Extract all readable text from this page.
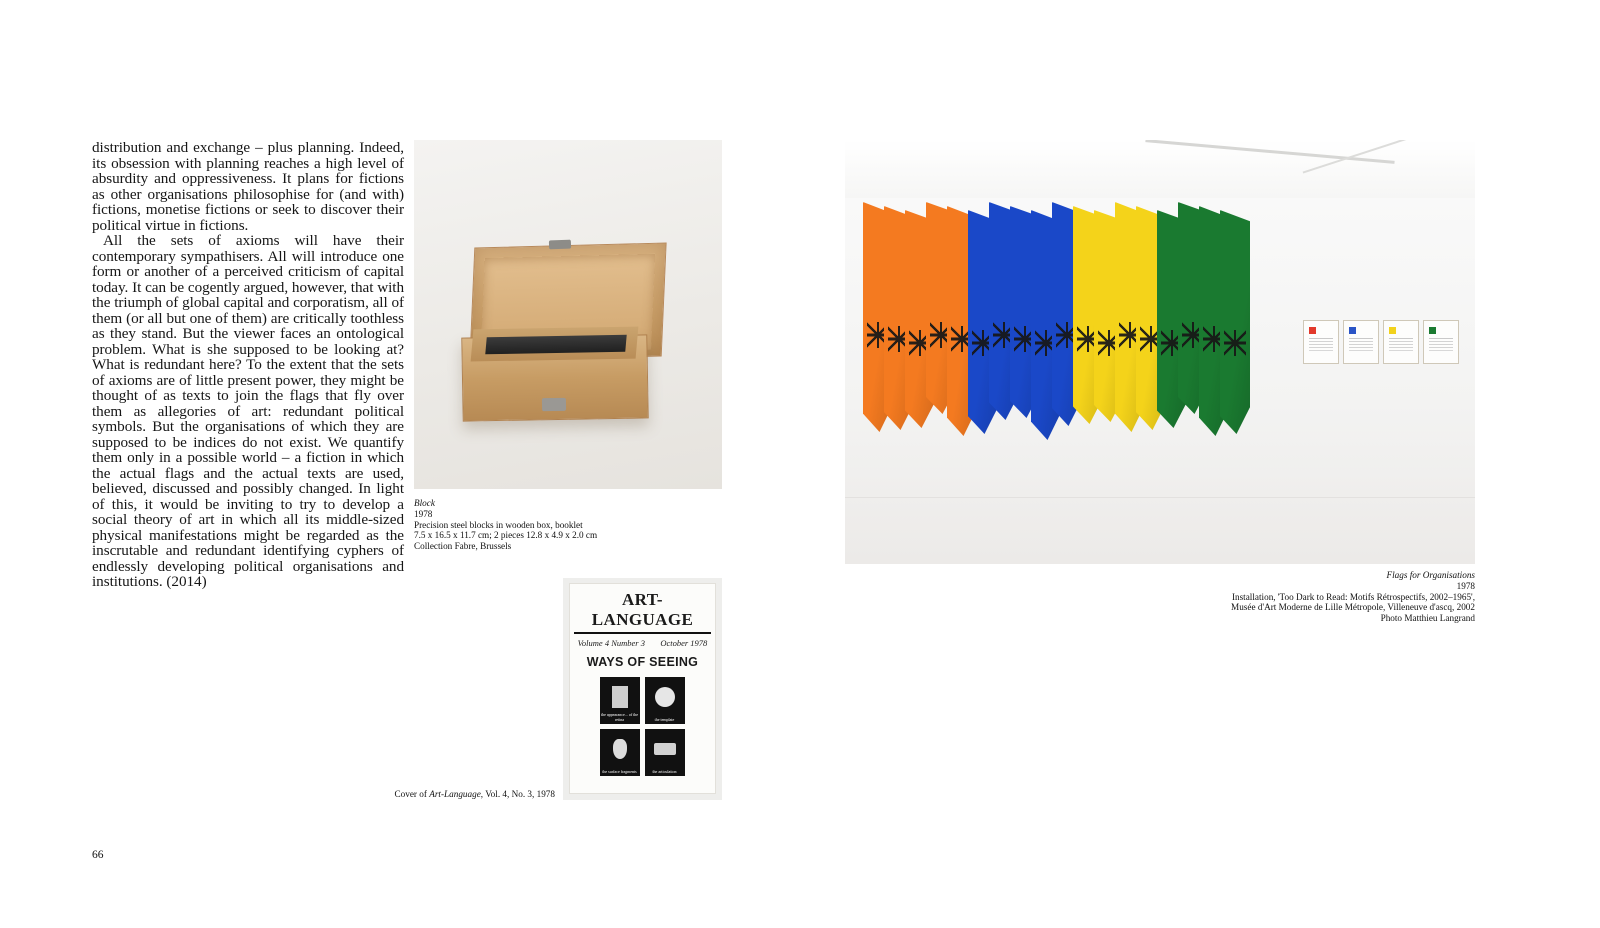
distribution and exchange – plus planning. Indeed, its obsession with planning reaches a high level of absurdity and oppressiveness. It plans for fictions as other organisations philosophise for (and with) fictions, monetise fictions or seek to discover their political virtue in fictions.

All the sets of axioms will have their contemporary sympathisers. All will introduce one form or another of a perceived criticism of capital today. It can be cogently argued, however, that with the triumph of global capital and corporatism, all of them (or all but one of them) are critically toothless as they stand. But the viewer faces an ontological problem. What is she supposed to be looking at? What is redundant here? To the extent that the sets of axioms are of little present power, they might be thought of as texts to join the flags that fly over them as allegories of art: redundant political symbols. But the organisations of which they are supposed to be indices do not exist. We quantify them only in a possible world – a fiction in which the actual flags and the actual texts are used, believed, discussed and possibly changed. In light of this, it would be inviting to try to develop a social theory of art in which all its middle-sized physical manifestations might be regarded as the inscrutable and redundant identifying cyphers of endlessly developing political organisations and institutions. (2014)

Block
1978
Precision steel blocks in wooden box, booklet
7.5 x 16.5 x 11.7 cm; 2 pieces 12.8 x 4.9 x 2.0 cm
Collection Fabre, Brussels
Flags for Organisations
1978
Installation, 'Too Dark to Read: Motifs Rétrospectifs, 2002–1965',
Musée d'Art Moderne de Lille Métropole, Villeneuve d'ascq, 2002
Photo Matthieu Langrand
ART-LANGUAGE
Volume 4 Number 3 October 1978
WAYS OF SEEING
the appearance... of the retina	the template
the surface fragments	the articulation
Cover of Art-Language, Vol. 4, No. 3, 1978
66
